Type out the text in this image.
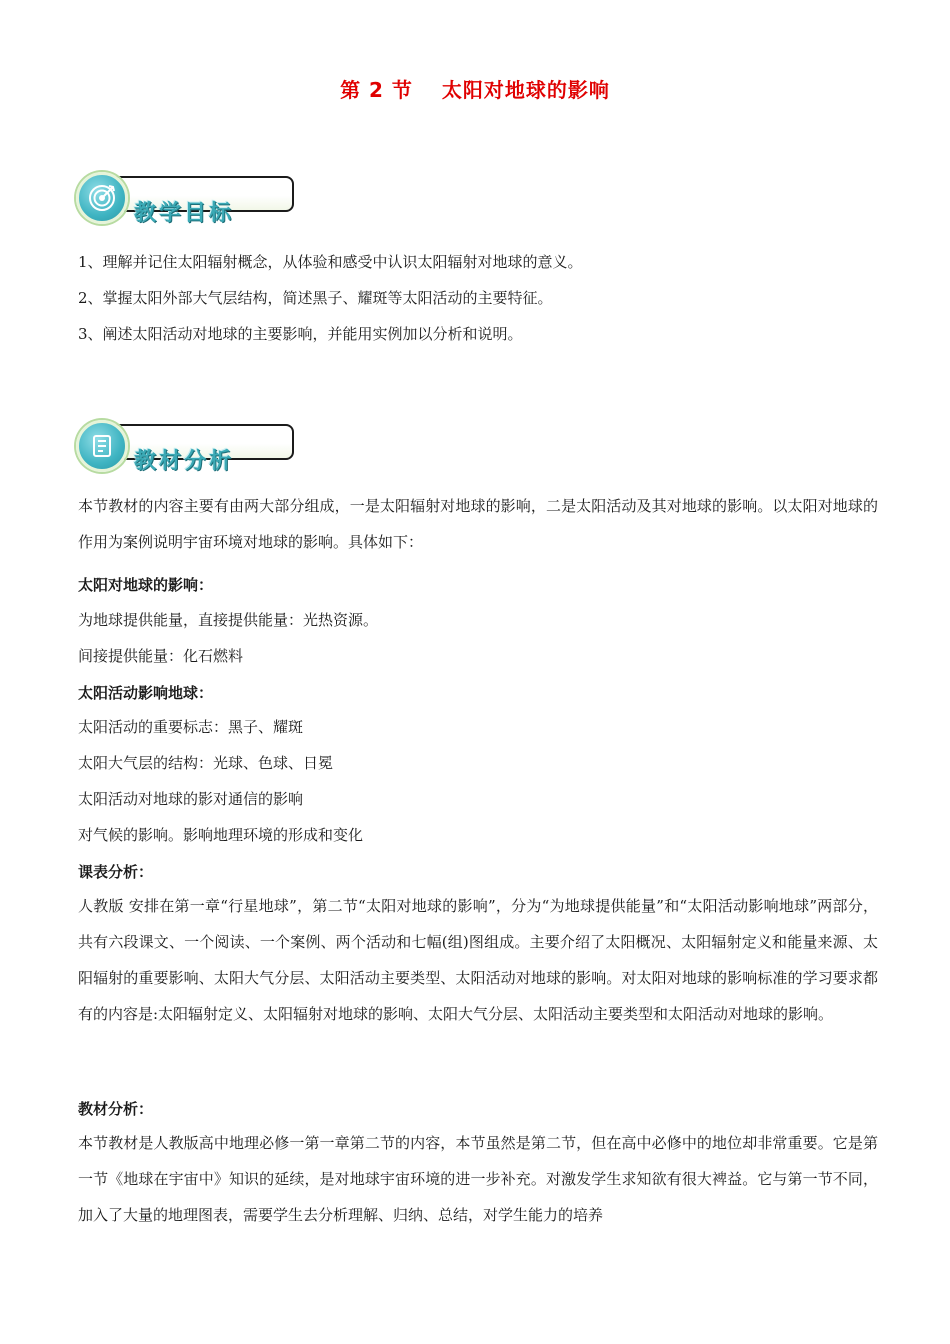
第 2 节　 太阳对地球的影响
教学目标
1、理解并记住太阳辐射概念，从体验和感受中认识太阳辐射对地球的意义。
2、掌握太阳外部大气层结构，简述黑子、耀斑等太阳活动的主要特征。
3、阐述太阳活动对地球的主要影响，并能用实例加以分析和说明。
教材分析
本节教材的内容主要有由两大部分组成，一是太阳辐射对地球的影响，二是太阳活动及其对地球的影响。以太阳对地球的作用为案例说明宇宙环境对地球的影响。具体如下：
太阳对地球的影响：
为地球提供能量，直接提供能量：光热资源。
间接提供能量：化石燃料
太阳活动影响地球：
太阳活动的重要标志：黑子、耀斑
太阳大气层的结构：光球、色球、日冕
太阳活动对地球的影对通信的影响
对气候的影响。影响地理环境的形成和变化
课表分析：
人教版 安排在第一章“行星地球”，第二节“太阳对地球的影响”，分为“为地球提供能量”和“太阳活动影响地球”两部分，共有六段课文、一个阅读、一个案例、两个活动和七幅(组)图组成。主要介绍了太阳概况、太阳辐射定义和能量来源、太阳辐射的重要影响、太阳大气分层、太阳活动主要类型、太阳活动对地球的影响。对太阳对地球的影响标准的学习要求都有的内容是:太阳辐射定义、太阳辐射对地球的影响、太阳大气分层、太阳活动主要类型和太阳活动对地球的影响。
教材分析：
本节教材是人教版高中地理必修一第一章第二节的内容，本节虽然是第二节，但在高中必修中的地位却非常重要。它是第一节《地球在宇宙中》知识的延续，是对地球宇宙环境的进一步补充。对激发学生求知欲有很大裨益。它与第一节不同，加入了大量的地理图表，需要学生去分析理解、归纳、总结，对学生能力的培养
